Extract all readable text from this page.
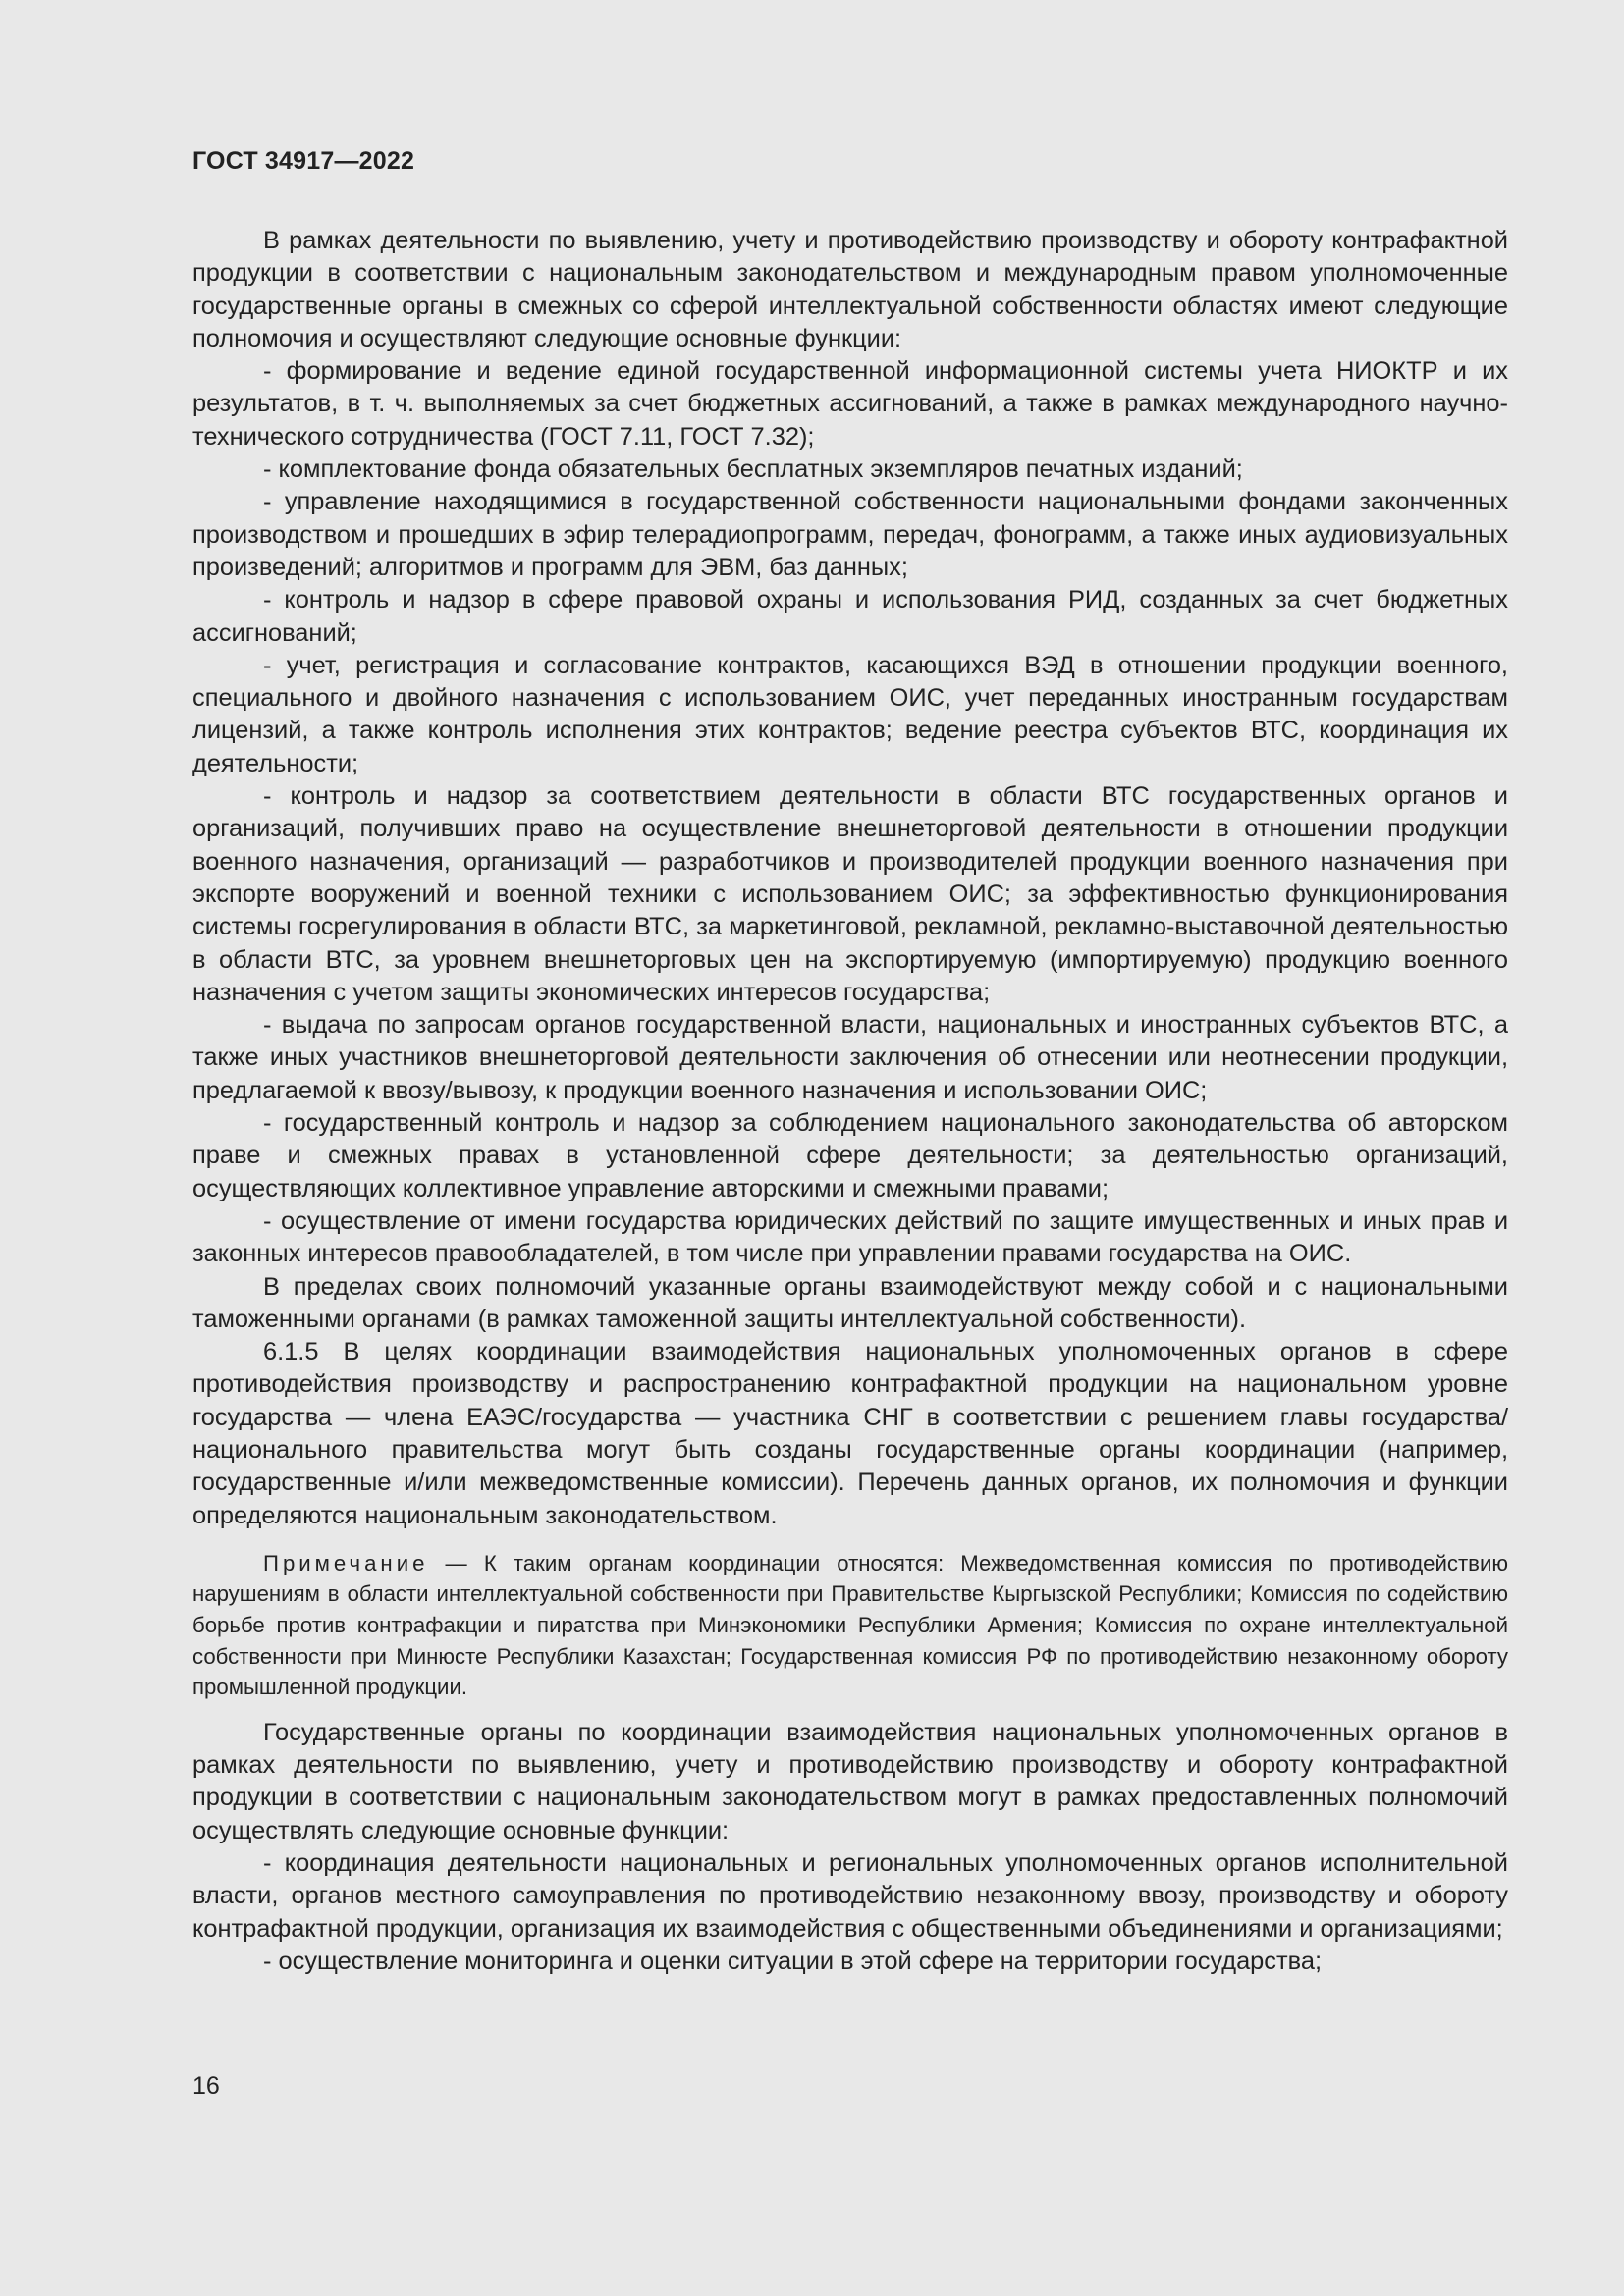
ГОСТ 34917—2022

В рамках деятельности по выявлению, учету и противодействию производству и обороту контрафактной продукции в соответствии с национальным законодательством и международным правом уполномоченные государственные органы в смежных со сферой интеллектуальной собственности областях имеют следующие полномочия и осуществляют следующие основные функции:

- формирование и ведение единой государственной информационной системы учета НИОКТР и их результатов, в т. ч. выполняемых за счет бюджетных ассигнований, а также в рамках международного научно-технического сотрудничества (ГОСТ 7.11, ГОСТ 7.32);

- комплектование фонда обязательных бесплатных экземпляров печатных изданий;

- управление находящимися в государственной собственности национальными фондами законченных производством и прошедших в эфир телерадиопрограмм, передач, фонограмм, а также иных аудиовизуальных произведений; алгоритмов и программ для ЭВМ, баз данных;

- контроль и надзор в сфере правовой охраны и использования РИД, созданных за счет бюджетных ассигнований;

- учет, регистрация и согласование контрактов, касающихся ВЭД в отношении продукции военного, специального и двойного назначения с использованием ОИС, учет переданных иностранным государствам лицензий, а также контроль исполнения этих контрактов; ведение реестра субъектов ВТС, координация их деятельности;

- контроль и надзор за соответствием деятельности в области ВТС государственных органов и организаций, получивших право на осуществление внешнеторговой деятельности в отношении продукции военного назначения, организаций — разработчиков и производителей продукции военного назначения при экспорте вооружений и военной техники с использованием ОИС; за эффективностью функционирования системы госрегулирования в области ВТС, за маркетинговой, рекламной, рекламно-выставочной деятельностью в области ВТС, за уровнем внешнеторговых цен на экспортируемую (импортируемую) продукцию военного назначения с учетом защиты экономических интересов государства;

- выдача по запросам органов государственной власти, национальных и иностранных субъектов ВТС, а также иных участников внешнеторговой деятельности заключения об отнесении или неотнесении продукции, предлагаемой к ввозу/вывозу, к продукции военного назначения и использовании ОИС;

- государственный контроль и надзор за соблюдением национального законодательства об авторском праве и смежных правах в установленной сфере деятельности; за деятельностью организаций, осуществляющих коллективное управление авторскими и смежными правами;

- осуществление от имени государства юридических действий по защите имущественных и иных прав и законных интересов правообладателей, в том числе при управлении правами государства на ОИС.

В пределах своих полномочий указанные органы взаимодействуют между собой и с национальными таможенными органами (в рамках таможенной защиты интеллектуальной собственности).

6.1.5 В целях координации взаимодействия национальных уполномоченных органов в сфере противодействия производству и распространению контрафактной продукции на национальном уровне государства — члена ЕАЭС/государства — участника СНГ в соответствии с решением главы государства/национального правительства могут быть созданы государственные органы координации (например, государственные и/или межведомственные комиссии). Перечень данных органов, их полномочия и функции определяются национальным законодательством.

Примечание — К таким органам координации относятся: Межведомственная комиссия по противодействию нарушениям в области интеллектуальной собственности при Правительстве Кыргызской Республики; Комиссия по содействию борьбе против контрафакции и пиратства при Минэкономики Республики Армения; Комиссия по охране интеллектуальной собственности при Минюсте Республики Казахстан; Государственная комиссия РФ по противодействию незаконному обороту промышленной продукции.

Государственные органы по координации взаимодействия национальных уполномоченных органов в рамках деятельности по выявлению, учету и противодействию производству и обороту контрафактной продукции в соответствии с национальным законодательством могут в рамках предоставленных полномочий осуществлять следующие основные функции:

- координация деятельности национальных и региональных уполномоченных органов исполнительной власти, органов местного самоуправления по противодействию незаконному ввозу, производству и обороту контрафактной продукции, организация их взаимодействия с общественными объединениями и организациями;

- осуществление мониторинга и оценки ситуации в этой сфере на территории государства;

16
